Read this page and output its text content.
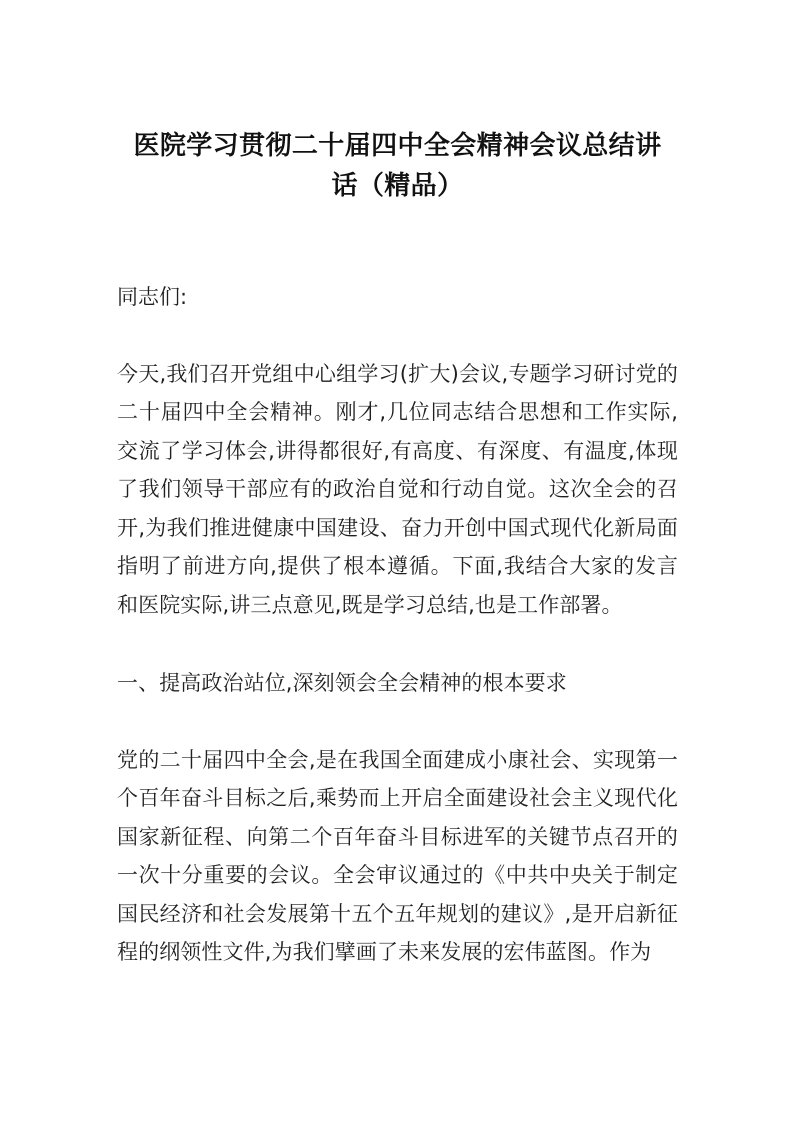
医院学习贯彻二十届四中全会精神会议总结讲
话（精品）

同志们:

今天,我们召开党组中心组学习(扩大)会议,专题学习研讨党的二十届四中全会精神。刚才,几位同志结合思想和工作实际,交流了学习体会,讲得都很好,有高度、有深度、有温度,体现了我们领导干部应有的政治自觉和行动自觉。这次全会的召开,为我们推进健康中国建设、奋力开创中国式现代化新局面指明了前进方向,提供了根本遵循。下面,我结合大家的发言和医院实际,讲三点意见,既是学习总结,也是工作部署。

一、提高政治站位,深刻领会全会精神的根本要求

党的二十届四中全会,是在我国全面建成小康社会、实现第一个百年奋斗目标之后,乘势而上开启全面建设社会主义现代化国家新征程、向第二个百年奋斗目标进军的关键节点召开的一次十分重要的会议。全会审议通过的《中共中央关于制定国民经济和社会发展第十五个五年规划的建议》,是开启新征程的纲领性文件,为我们擘画了未来发展的宏伟蓝图。作为
